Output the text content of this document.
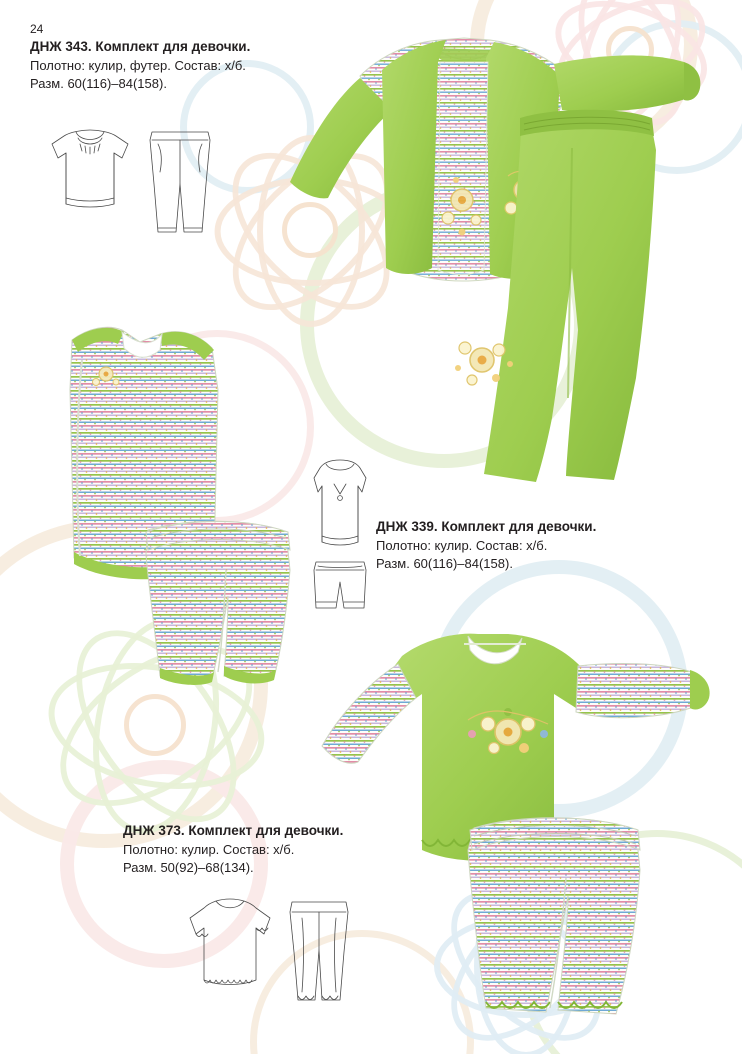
24
ДНЖ 343. Комплект для девочки.
Полотно: кулир, футер. Состав: х/б.
Разм. 60(116)–84(158).
ДНЖ 339. Комплект для девочки.
Полотно: кулир. Состав: х/б.
Разм. 60(116)–84(158).
ДНЖ 373. Комплект для девочки.
Полотно: кулир. Состав: х/б.
Разм. 50(92)–68(134).
